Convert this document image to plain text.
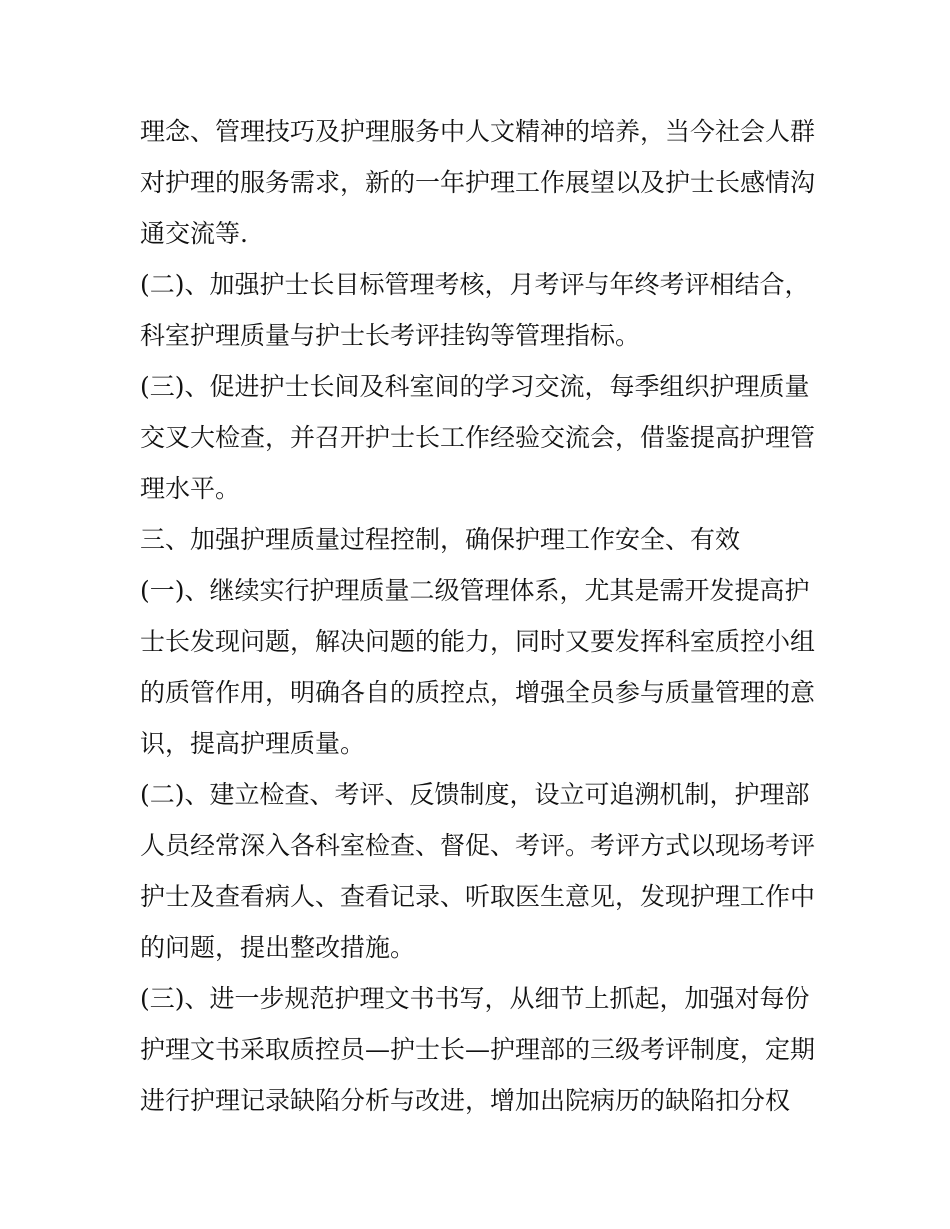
理念、管理技巧及护理服务中人文精神的培养，当今社会人群
对护理的服务需求，新的一年护理工作展望以及护士长感情沟
通交流等.
(二)、加强护士长目标管理考核，月考评与年终考评相结合，
科室护理质量与护士长考评挂钩等管理指标。
(三)、促进护士长间及科室间的学习交流，每季组织护理质量
交叉大检查，并召开护士长工作经验交流会，借鉴提高护理管
理水平。
三、加强护理质量过程控制，确保护理工作安全、有效
(一)、继续实行护理质量二级管理体系，尤其是需开发提高护
士长发现问题，解决问题的能力，同时又要发挥科室质控小组
的质管作用，明确各自的质控点，增强全员参与质量管理的意
识，提高护理质量。
(二)、建立检查、考评、反馈制度，设立可追溯机制，护理部
人员经常深入各科室检查、督促、考评。考评方式以现场考评
护士及查看病人、查看记录、听取医生意见，发现护理工作中
的问题，提出整改措施。
(三)、进一步规范护理文书书写，从细节上抓起，加强对每份
护理文书采取质控员—护士长—护理部的三级考评制度，定期
进行护理记录缺陷分析与改进，增加出院病历的缺陷扣分权
